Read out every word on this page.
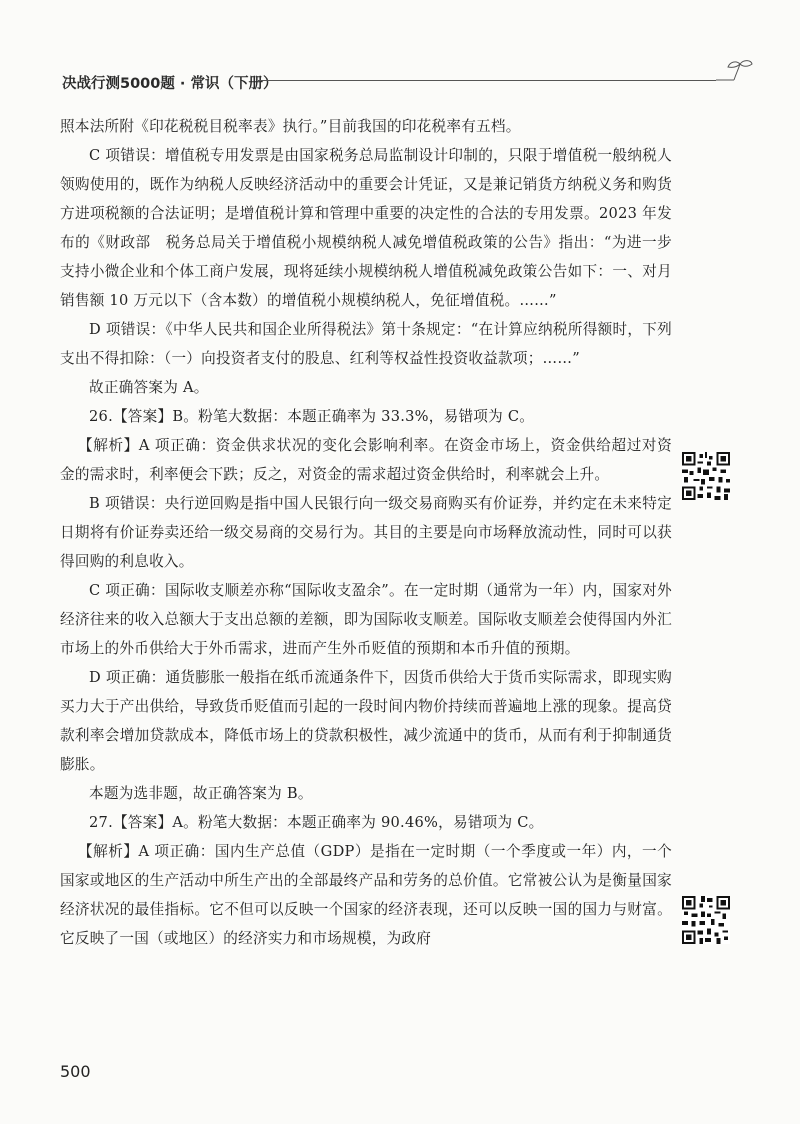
决战行测5000题 · 常识（下册）

照本法所附《印花税税目税率表》执行。”目前我国的印花税率有五档。

C 项错误：增值税专用发票是由国家税务总局监制设计印制的，只限于增值税一般纳税人领购使用的，既作为纳税人反映经济活动中的重要会计凭证，又是兼记销货方纳税义务和购货方进项税额的合法证明；是增值税计算和管理中重要的决定性的合法的专用发票。2023 年发布的《财政部　税务总局关于增值税小规模纳税人减免增值税政策的公告》指出：“为进一步支持小微企业和个体工商户发展，现将延续小规模纳税人增值税减免政策公告如下：一、对月销售额 10 万元以下（含本数）的增值税小规模纳税人，免征增值税。……”

D 项错误：《中华人民共和国企业所得税法》第十条规定：“在计算应纳税所得额时，下列支出不得扣除：（一）向投资者支付的股息、红利等权益性投资收益款项；……”

故正确答案为 A。

26.【答案】B。粉笔大数据：本题正确率为 33.3%，易错项为 C。

【解析】A 项正确：资金供求状况的变化会影响利率。在资金市场上，资金供给超过对资金的需求时，利率便会下跌；反之，对资金的需求超过资金供给时，利率就会上升。

B 项错误：央行逆回购是指中国人民银行向一级交易商购买有价证券，并约定在未来特定日期将有价证券卖还给一级交易商的交易行为。其目的主要是向市场释放流动性，同时可以获得回购的利息收入。

C 项正确：国际收支顺差亦称“国际收支盈余”。在一定时期（通常为一年）内，国家对外经济往来的收入总额大于支出总额的差额，即为国际收支顺差。国际收支顺差会使得国内外汇市场上的外币供给大于外币需求，进而产生外币贬值的预期和本币升值的预期。

D 项正确：通货膨胀一般指在纸币流通条件下，因货币供给大于货币实际需求，即现实购买力大于产出供给，导致货币贬值而引起的一段时间内物价持续而普遍地上涨的现象。提高贷款利率会增加贷款成本，降低市场上的贷款积极性，减少流通中的货币，从而有利于抑制通货膨胀。

本题为选非题，故正确答案为 B。

27.【答案】A。粉笔大数据：本题正确率为 90.46%，易错项为 C。

【解析】A 项正确：国内生产总值（GDP）是指在一定时期（一个季度或一年）内，一个国家或地区的生产活动中所生产出的全部最终产品和劳务的总价值。它常被公认为是衡量国家经济状况的最佳指标。它不但可以反映一个国家的经济表现，还可以反映一国的国力与财富。它反映了一国（或地区）的经济实力和市场规模，为政府

500
